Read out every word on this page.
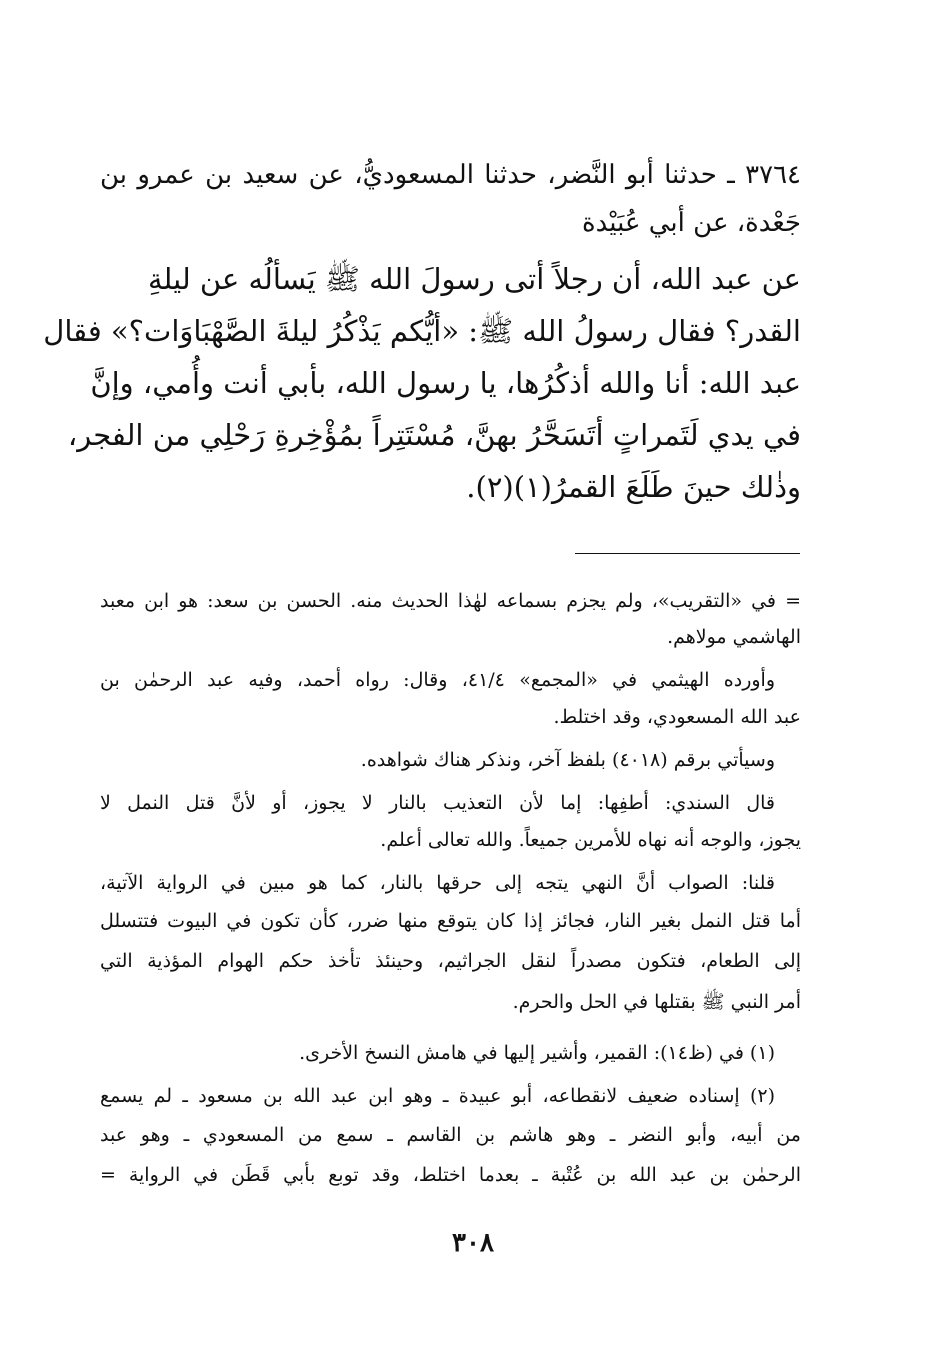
٣٧٦٤ ـ حدثنا أبو النَّضر، حدثنا المسعوديُّ، عن سعيد بن عمرو بن
جَعْدة، عن أبي عُبَيْدة
عن عبد الله، أن رجلاً أتى رسولَ الله ﷺ يَسألُه عن ليلةِ
القدر؟ فقال رسولُ الله ﷺ: «أيُّكم يَذْكُرُ ليلةَ الصَّهْبَاوَات؟» فقال
عبد الله: أنا والله أذكُرُها، يا رسول الله، بأبي أنت وأُمي، وإنَّ
في يدي لَتَمراتٍ أتَسَحَّرُ بهنَّ، مُسْتَتِراً بمُؤْخِرةِ رَحْلِي من الفجر،
وذٰلك حينَ طَلَعَ القمرُ(١)(٢).
= في «التقريب»، ولم يجزم بسماعه لهٰذا الحديث منه. الحسن بن سعد: هو ابن معبد
الهاشمي مولاهم.
وأورده الهيثمي في «المجمع» ٤١/٤، وقال: رواه أحمد، وفيه عبد الرحمٰن بن
عبد الله المسعودي، وقد اختلط.
وسيأتي برقم (٤٠١٨) بلفظ آخر، ونذكر هناك شواهده.
قال السندي: أطفِها: إما لأن التعذيب بالنار لا يجوز، أو لأنَّ قتل النمل لا
يجوز، والوجه أنه نهاه للأمرين جميعاً. والله تعالى أعلم.
قلنا: الصواب أنَّ النهي يتجه إلى حرقها بالنار، كما هو مبين في الرواية الآتية،
أما قتل النمل بغير النار، فجائز إذا كان يتوقع منها ضرر، كأن تكون في البيوت فتتسلل
إلى الطعام، فتكون مصدراً لنقل الجراثيم، وحينئذ تأخذ حكم الهوام المؤذية التي
أمر النبي ﷺ بقتلها في الحل والحرم.
(١) في (ظ١٤): القمير، وأشير إليها في هامش النسخ الأخرى.
(٢) إسناده ضعيف لانقطاعه، أبو عبيدة ـ وهو ابن عبد الله بن مسعود ـ لم يسمع
من أبيه، وأبو النضر ـ وهو هاشم بن القاسم ـ سمع من المسعودي ـ وهو عبد
الرحمٰن بن عبد الله بن عُتْبة ـ بعدما اختلط، وقد توبع بأبي قَطَن في الرواية =
٣٠٨
